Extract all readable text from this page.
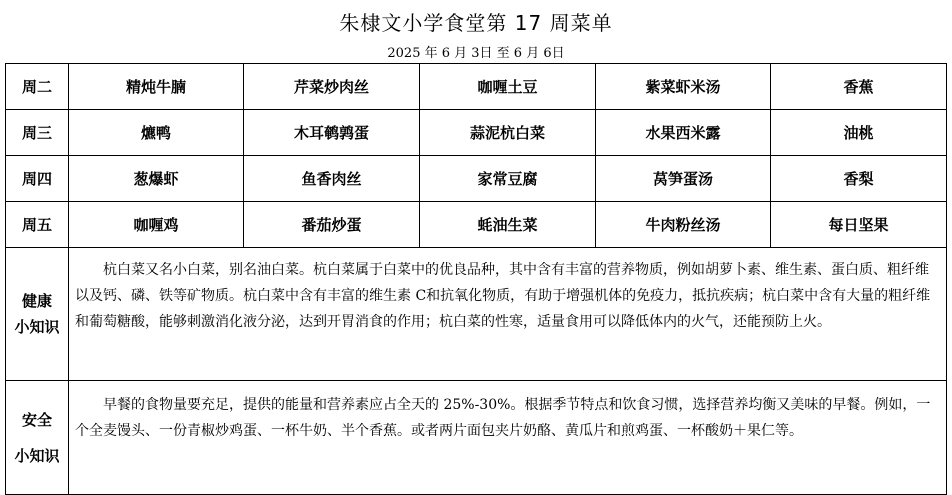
朱棣文小学食堂第 17 周菜单
2025 年 6 月 3日 至 6 月 6日
周二	精炖牛腩	芹菜炒肉丝	咖喱土豆	紫菜虾米汤	香蕉
周三	爊鸭	木耳鹌鹑蛋	蒜泥杭白菜	水果西米露	油桃
周四	葱爆虾	鱼香肉丝	家常豆腐	莴笋蛋汤	香梨
周五	咖喱鸡	番茄炒蛋	蚝油生菜	牛肉粉丝汤	每日坚果

健康
小知识	杭白菜又名小白菜，别名油白菜。杭白菜属于白菜中的优良品种，其中含有丰富的营养物质，例如胡萝卜素、维生素、蛋白质、粗纤维以及钙、磷、铁等矿物质。杭白菜中含有丰富的维生素 C和抗氧化物质，有助于增强机体的免疫力，抵抗疾病；杭白菜中含有大量的粗纤维和葡萄糖酸，能够刺激消化液分泌，达到开胃消食的作用；杭白菜的性寒，适量食用可以降低体内的火气，还能预防上火。				

安全
小知识	早餐的食物量要充足，提供的能量和营养素应占全天的 25%-30%。根据季节特点和饮食习惯，选择营养均衡又美味的早餐。例如，一个全麦馒头、一份青椒炒鸡蛋、一杯牛奶、半个香蕉。或者两片面包夹片奶酪、黄瓜片和煎鸡蛋、一杯酸奶＋果仁等。				
